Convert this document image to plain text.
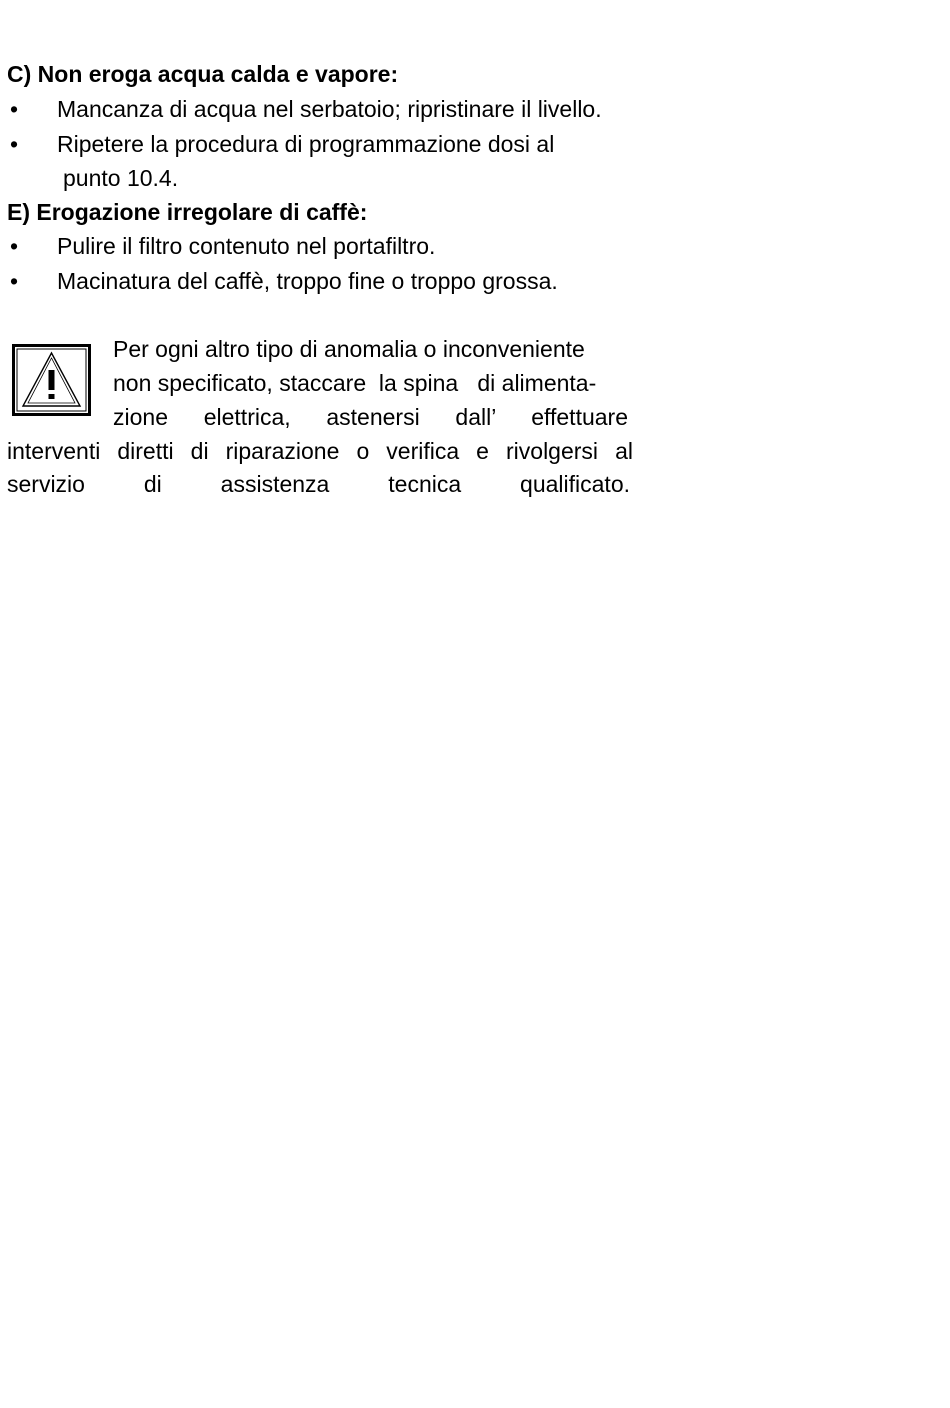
C) Non eroga acqua calda e vapore:
• Mancanza di acqua nel serbatoio; ripristinare il livello.
• Ripetere la procedura di programmazione dosi al
punto 10.4.
E) Erogazione irregolare di caffè:
• Pulire il filtro contenuto nel portafiltro.
• Macinatura del caffè, troppo fine o troppo grossa.
Per ogni altro tipo di anomalia o inconveniente
non specificato, staccare  la spina   di alimenta-
zione elettrica, astenersi dall’ effettuare
interventi diretti di riparazione o verifica e rivolgersi al
servizio di assistenza tecnica qualificato.
